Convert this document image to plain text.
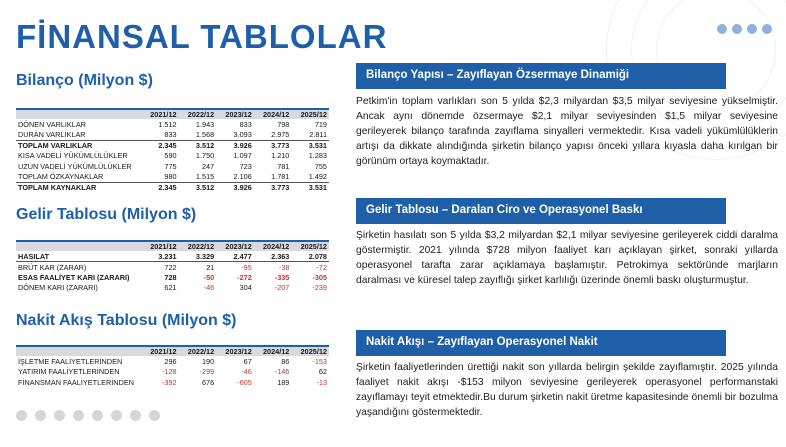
FİNANSAL TABLOLAR
Bilanço (Milyon $)
	2021/12	2022/12	2023/12	2024/12	2025/12
DÖNEN VARLIKLAR	1.512	1.943	833	798	719
DURAN VARLIKLAR	833	1.568	3.093	2.975	2.811
TOPLAM VARLIKLAR	2.345	3.512	3.926	3.773	3.531
KISA VADELİ YÜKÜMLÜLÜKLER	590	1.750	1.097	1.210	1.283
UZUN VADELİ YÜKÜMLÜLÜKLER	775	247	723	781	755
TOPLAM ÖZKAYNAKLAR	980	1.515	2.106	1.781	1.492
TOPLAM KAYNAKLAR	2.345	3.512	3.926	3.773	3.531
Gelir Tablosu (Milyon $)
	2021/12	2022/12	2023/12	2024/12	2025/12
HASILAT	3.231	3.329	2.477	2.363	2.078
BRÜT KAR (ZARAR)	722	21	-95	-38	-72
ESAS FAALİYET KARI (ZARARI)	728	-50	-272	-335	-305
DÖNEM KARI (ZARARI)	621	-46	304	-207	-239
Nakit Akış Tablosu (Milyon $)
	2021/12	2022/12	2023/12	2024/12	2025/12
İŞLETME FAALİYETLERİNDEN	296	190	67	86	-153
YATIRIM FAALİYETLERİNDEN	-128	-299	-46	-146	62
FİNANSMAN FAALİYETLERİNDEN	-392	676	-605	189	-13
Bilanço Yapısı – Zayıflayan Özsermaye Dinamiği

Petkim'in toplam varlıkları son 5 yılda $2,3 milyardan $3,5 milyar seviyesine yükselmiştir. Ancak aynı dönemde özsermaye $2,1 milyar seviyesinden $1,5 milyar seviyesine gerileyerek bilanço tarafında zayıflama sinyalleri vermektedir. Kısa vadeli yükümlülüklerin artışı da dikkate alındığında şirketin bilanço yapısı önceki yıllara kıyasla daha kırılgan bir görünüm ortaya koymaktadır.

Gelir Tablosu – Daralan Ciro ve Operasyonel Baskı

Şirketin hasılatı son 5 yılda $3,2 milyardan $2,1 milyar seviyesine gerileyerek ciddi daralma göstermiştir. 2021 yılında $728 milyon faaliyet karı açıklayan şirket, sonraki yıllarda operasyonel tarafta zarar açıklamaya başlamıştır. Petrokimya sektöründe marjların daralması ve küresel talep zayıflığı şirket karlılığı üzerinde önemli baskı oluşturmuştur.

Nakit Akışı – Zayıflayan Operasyonel Nakit

Şirketin faaliyetlerinden ürettiği nakit son yıllarda belirgin şekilde zayıflamıştır. 2025 yılında faaliyet nakit akışı -$153 milyon seviyesine gerileyerek operasyonel performanstaki zayıflamayı teyit etmektedir.Bu durum şirketin nakit üretme kapasitesinde önemli bir bozulma yaşandığını göstermektedir.
